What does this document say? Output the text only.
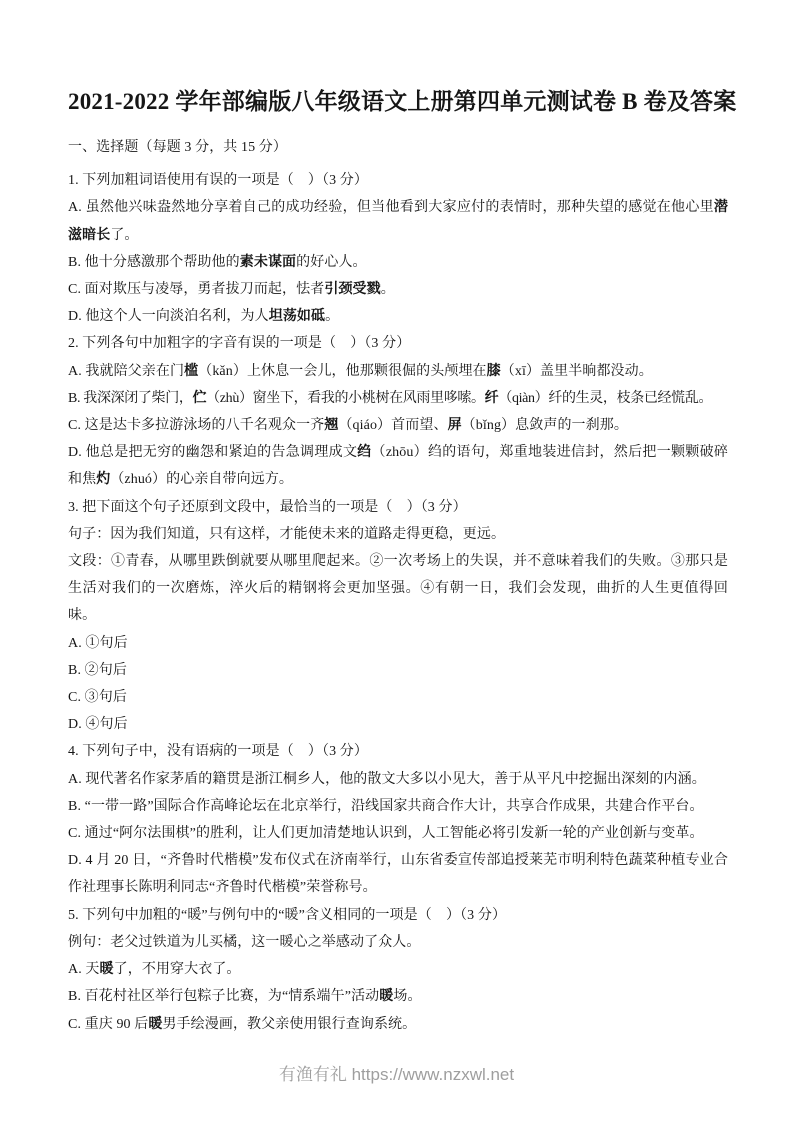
2021-2022 学年部编版八年级语文上册第四单元测试卷 B 卷及答案

一、选择题（每题 3 分，共 15 分）

1. 下列加粗词语使用有误的一项是（　）（3 分）

A. 虽然他兴味盎然地分享着自己的成功经验，但当他看到大家应付的表情时，那种失望的感觉在他心里潜滋暗长了。

B. 他十分感激那个帮助他的素未谋面的好心人。

C. 面对欺压与凌辱，勇者拔刀而起，怯者引颈受戮。

D. 他这个人一向淡泊名利，为人坦荡如砥。

2. 下列各句中加粗字的字音有误的一项是（　）（3 分）

A. 我就陪父亲在门槛（kǎn）上休息一会儿，他那颗很倔的头颅埋在膝（xī）盖里半晌都没动。

B. 我深深闭了柴门，伫（zhù）窗坐下，看我的小桃树在风雨里哆嗦。纤（qiàn）纤的生灵，枝条已经慌乱。

C. 这是达卡多拉游泳场的八千名观众一齐翘（qiáo）首而望、屏（bǐng）息敛声的一刹那。

D. 他总是把无穷的幽怨和紧迫的告急调理成文绉（zhōu）绉的语句，郑重地装进信封，然后把一颗颗破碎和焦灼（zhuó）的心亲自带向远方。

3. 把下面这个句子还原到文段中，最恰当的一项是（　）（3 分）

句子：因为我们知道，只有这样，才能使未来的道路走得更稳，更远。

文段：①青春，从哪里跌倒就要从哪里爬起来。②一次考场上的失误，并不意味着我们的失败。③那只是生活对我们的一次磨炼，淬火后的精钢将会更加坚强。④有朝一日，我们会发现，曲折的人生更值得回味。

A. ①句后

B. ②句后

C. ③句后

D. ④句后

4. 下列句子中，没有语病的一项是（　）（3 分）

A. 现代著名作家茅盾的籍贯是浙江桐乡人，他的散文大多以小见大，善于从平凡中挖掘出深刻的内涵。

B. “一带一路”国际合作高峰论坛在北京举行，沿线国家共商合作大计，共享合作成果，共建合作平台。

C. 通过“阿尔法围棋”的胜利，让人们更加清楚地认识到，人工智能必将引发新一轮的产业创新与变革。

D. 4 月 20 日，“齐鲁时代楷模”发布仪式在济南举行，山东省委宣传部追授莱芜市明利特色蔬菜种植专业合作社理事长陈明利同志“齐鲁时代楷模”荣誉称号。

5. 下列句中加粗的“暖”与例句中的“暖”含义相同的一项是（　）（3 分）

例句：老父过铁道为儿买橘，这一暖心之举感动了众人。

A. 天暖了，不用穿大衣了。

B. 百花村社区举行包粽子比赛，为“情系端午”活动暖场。

C. 重庆 90 后暖男手绘漫画，教父亲使用银行查询系统。

有渔有礼 https://www.nzxwl.net
